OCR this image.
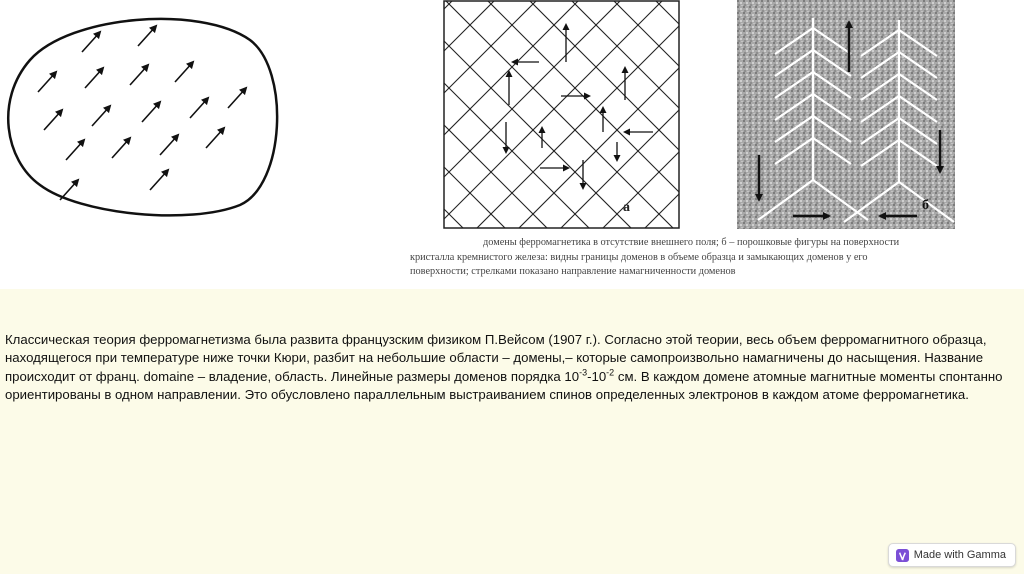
а	б
домены ферромагнетика в отсутствие внешнего поля; б – порошковые фигуры на поверхности
кристалла кремнистого железа: видны границы доменов в объеме образца и замыкающих доменов у его
поверхности; стрелками показано направление намагниченности доменов
Классическая теория ферромагнетизма была развита французским физиком П.Вейсом (1907 г.). Согласно этой теории, весь объем ферромагнитного образца, находящегося при температуре ниже точки Кюри, разбит на небольшие области – домены,– которые самопроизвольно намагничены до насыщения. Название происходит от франц. domaine – владение, область. Линейные размеры доменов порядка $10^{-3}-10^{-2}$ см. В каждом домене атомные магнитные моменты спонтанно ориентированы в одном направлении. Это обусловлено параллельным выстраиванием спинов определенных электронов в каждом атоме ферромагнетика.
Made with Gamma
